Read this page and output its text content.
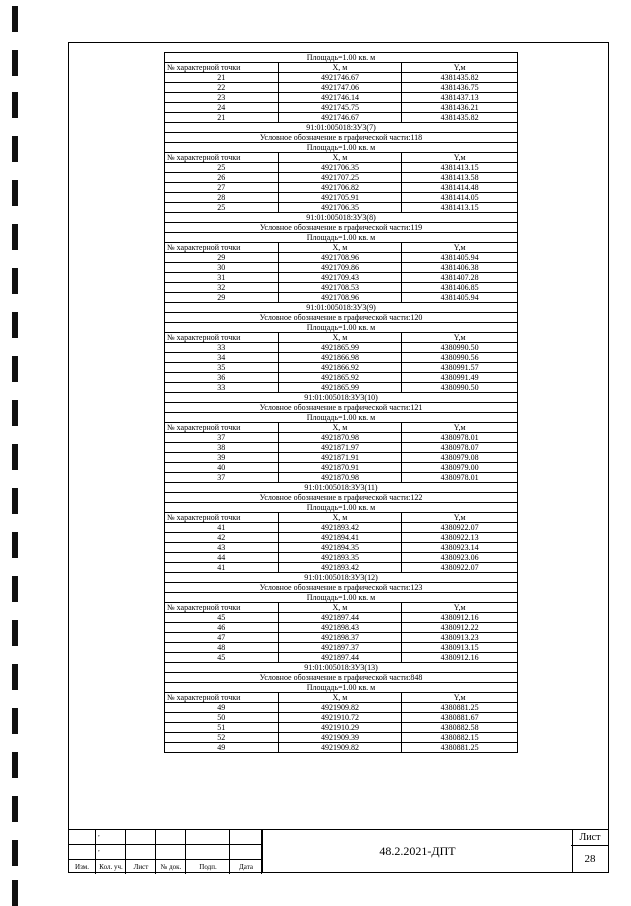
Площадь=1.00 кв. м		
№ характерной точки	X, м	Y,м
21	4921746.67	4381435.82
22	4921747.06	4381436.75
23	4921746.14	4381437.13
24	4921745.75	4381436.21
21	4921746.67	4381435.82
91:01:005018:ЗУ3(7)		
Условное обозначение в графической части:118		
Площадь=1.00 кв. м		
№ характерной точки	X, м	Y,м
25	4921706.35	4381413.15
26	4921707.25	4381413.58
27	4921706.82	4381414.48
28	4921705.91	4381414.05
25	4921706.35	4381413.15
91:01:005018:ЗУ3(8)		
Условное обозначение в графической части:119		
Площадь=1.00 кв. м		
№ характерной точки	X, м	Y,м
29	4921708.96	4381405.94
30	4921709.86	4381406.38
31	4921709.43	4381407.28
32	4921708.53	4381406.85
29	4921708.96	4381405.94
91:01:005018:ЗУ3(9)		
Условное обозначение в графической части:120		
Площадь=1.00 кв. м		
№ характерной точки	X, м	Y,м
33	4921865.99	4380990.50
34	4921866.98	4380990.56
35	4921866.92	4380991.57
36	4921865.92	4380991.49
33	4921865.99	4380990.50
91:01:005018:ЗУ3(10)		
Условное обозначение в графической части:121		
Площадь=1.00 кв. м		
№ характерной точки	X, м	Y,м
37	4921870.98	4380978.01
38	4921871.97	4380978.07
39	4921871.91	4380979.08
40	4921870.91	4380979.00
37	4921870.98	4380978.01
91:01:005018:ЗУ3(11)		
Условное обозначение в графической части:122		
Площадь=1.00 кв. м		
№ характерной точки	X, м	Y,м
41	4921893.42	4380922.07
42	4921894.41	4380922.13
43	4921894.35	4380923.14
44	4921893.35	4380923.06
41	4921893.42	4380922.07
91:01:005018:ЗУ3(12)		
Условное обозначение в графической части:123		
Площадь=1.00 кв. м		
№ характерной точки	X, м	Y,м
45	4921897.44	4380912.16
46	4921898.43	4380912.22
47	4921898.37	4380913.23
48	4921897.37	4380913.15
45	4921897.44	4380912.16
91:01:005018:ЗУ3(13)		
Условное обозначение в графической части:848		
Площадь=1.00 кв. м		
№ характерной точки	X, м	Y,м
49	4921909.82	4380881.25
50	4921910.72	4380881.67
51	4921910.29	4380882.58
52	4921909.39	4380882.15
49	4921909.82	4380881.25
,
,
Изм.	Кол. уч.	Лист	№ док.	Подп.	Дата
48.2.2021-ДПТ
Лист
28
